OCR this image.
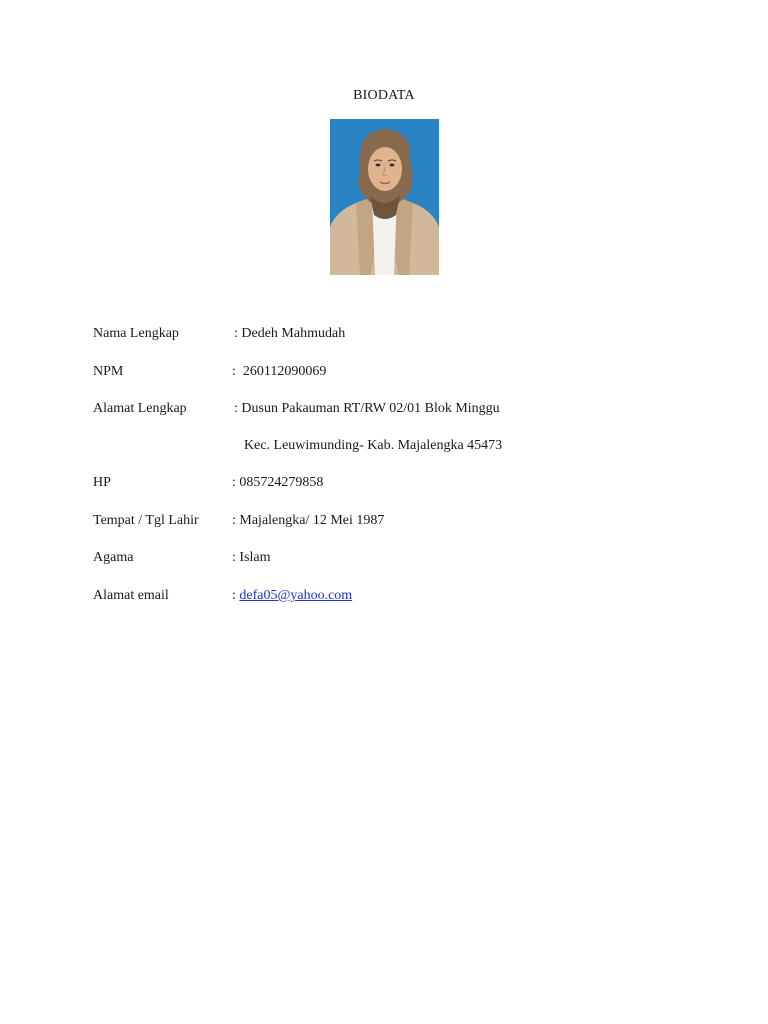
BIODATA
Nama Lengkap	: Dedeh Mahmudah
NPM	:  260112090069
Alamat Lengkap	: Dusun Pakauman RT/RW 02/01 Blok Minggu
Kec. Leuwimunding- Kab. Majalengka 45473
HP	: 085724279858
Tempat / Tgl Lahir : Majalengka/ 12 Mei 1987
Agama	: Islam
Alamat email	: defa05@yahoo.com
